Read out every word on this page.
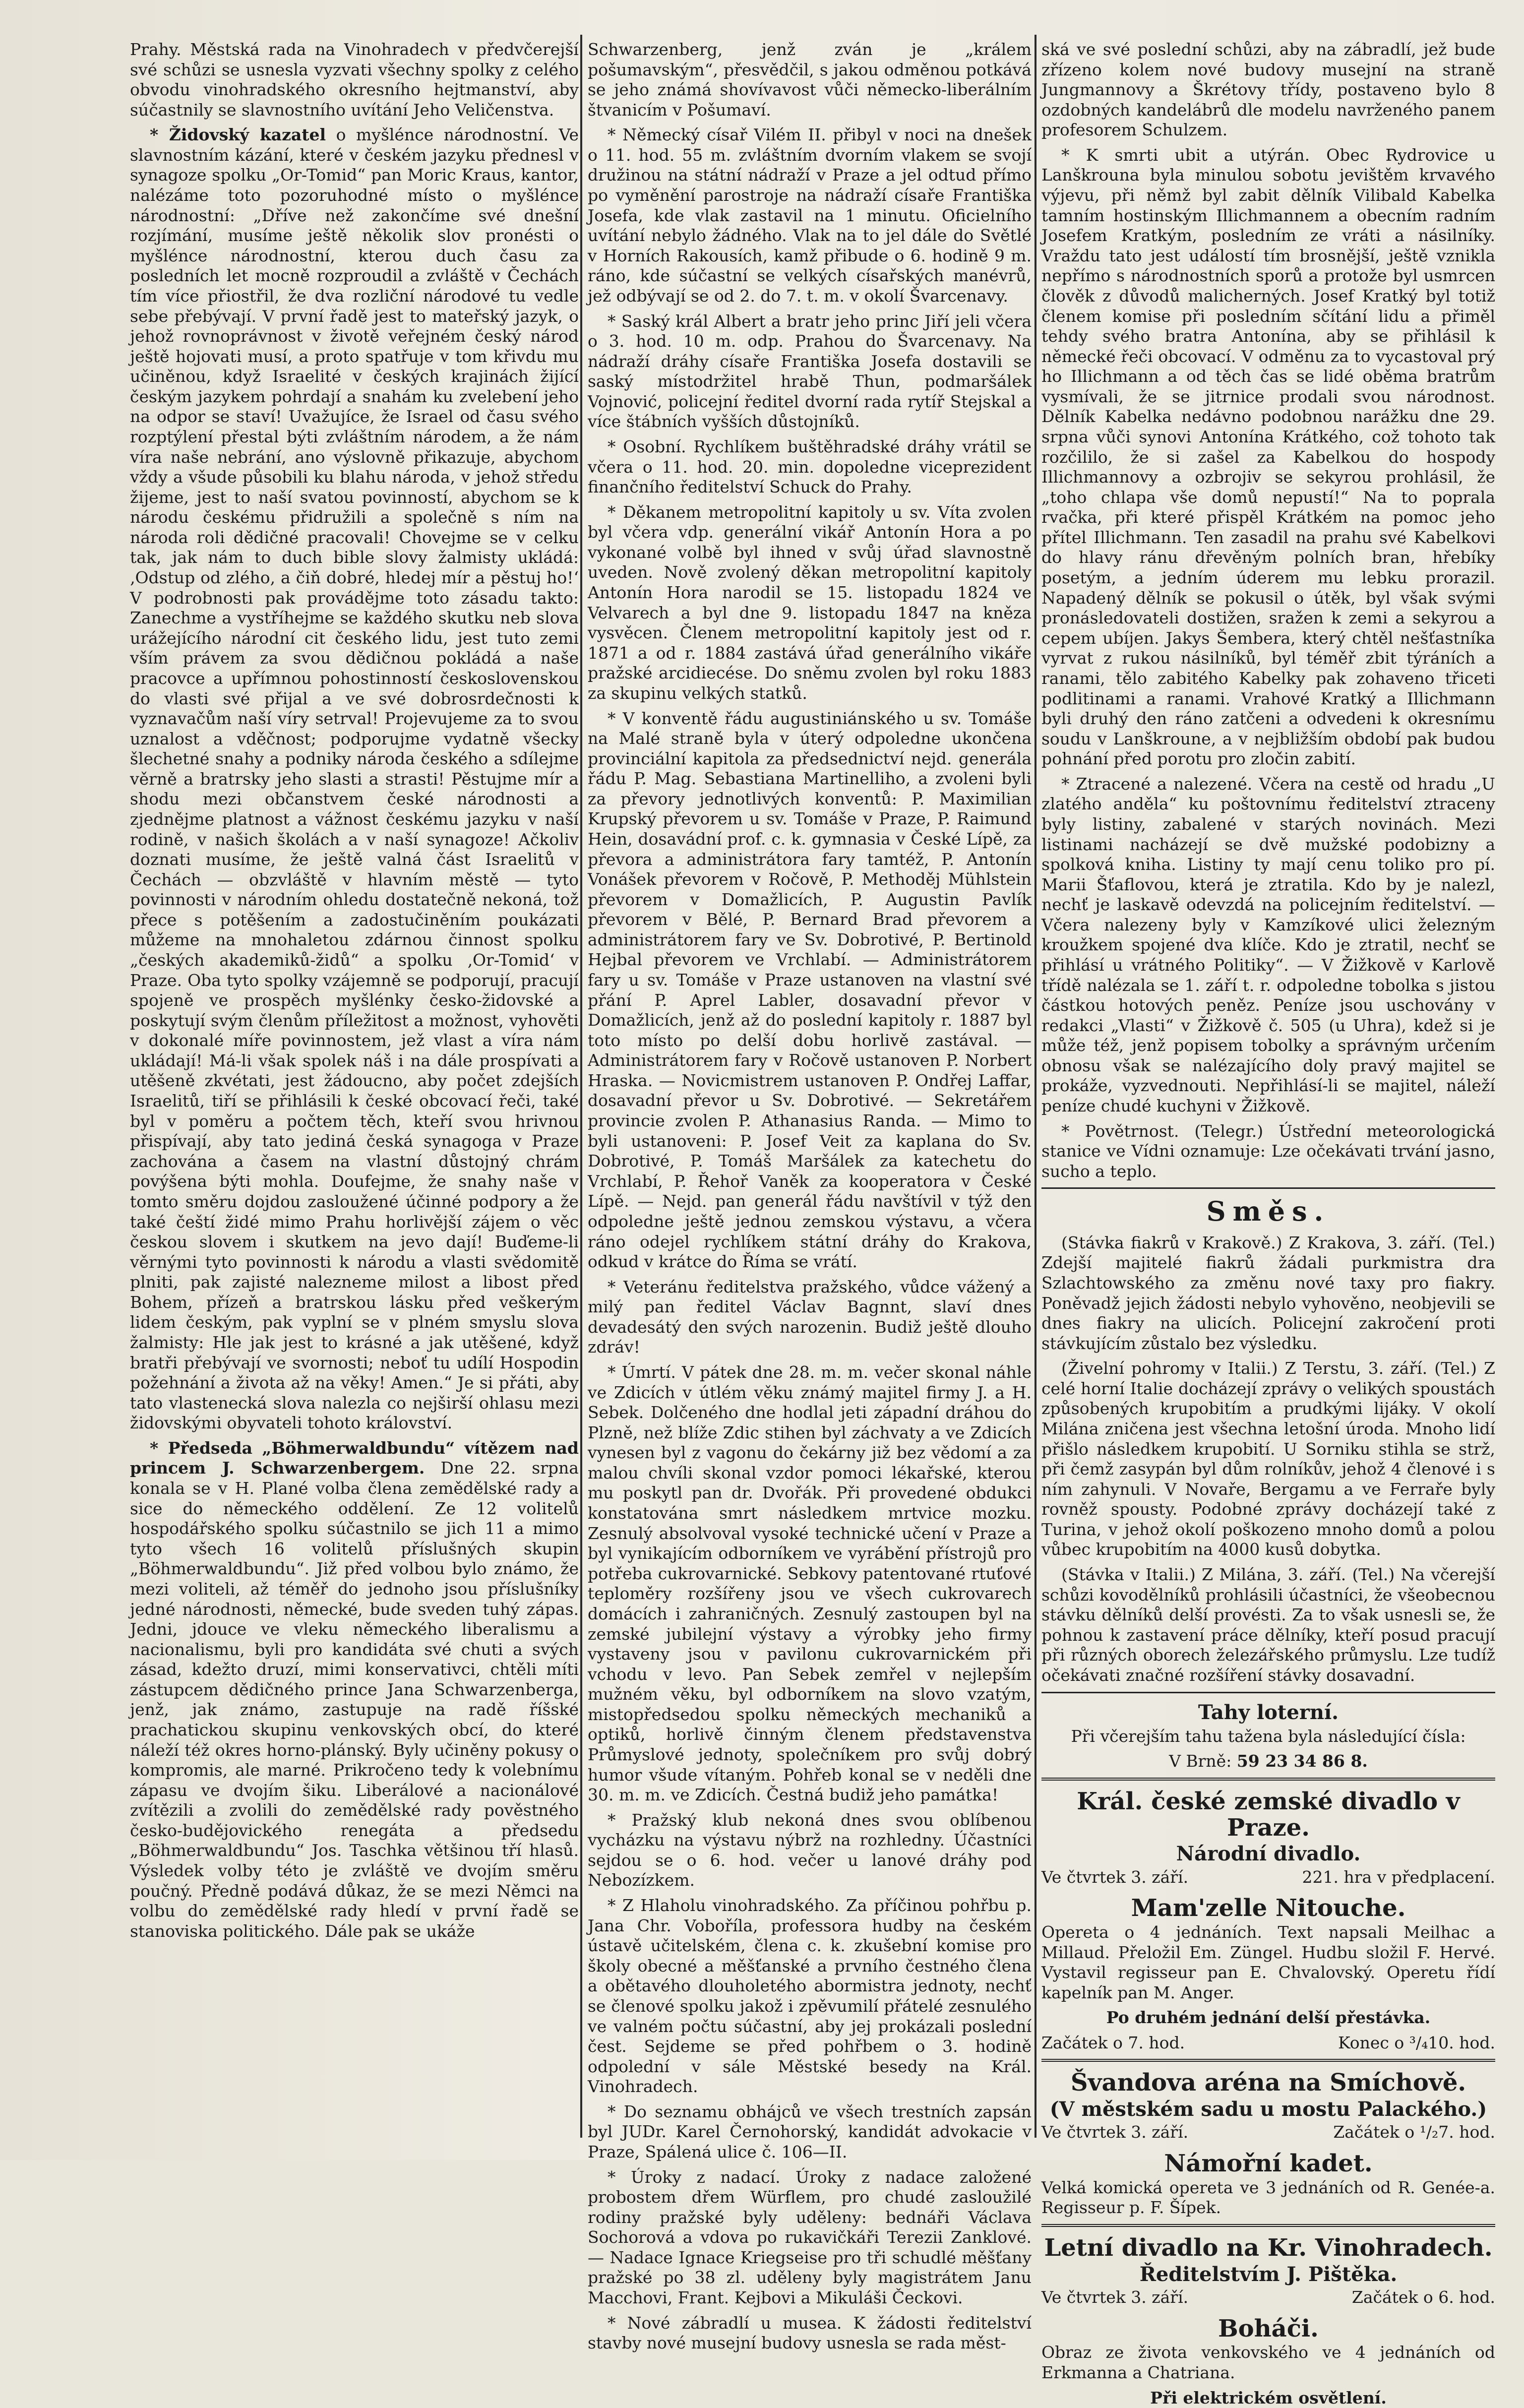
Prahy. Městská rada na Vinohradech v předvčerejší své schůzi se usnesla vyzvati všechny spolky z celého obvodu vinohradského okresního hejtmanství, aby súčastnily se slavnostního uvítání Jeho Veličenstva.

* Židovský kazatel o myšlénce národnostní. Ve slavnostním kázání, které v českém jazyku přednesl v synagoze spolku „Or-Tomid“ pan Moric Kraus, kantor, nalézáme toto pozoruhodné místo o myšlénce národnostní: „Dříve než zakončíme své dnešní rozjímání, musíme ještě několik slov pronésti o myšlénce národnostní, kterou duch času za posledních let mocně rozproudil a zvláště v Čechách tím více přiostřil, že dva rozliční národové tu vedle sebe přebývají. V první řadě jest to mateřský jazyk, o jehož rovnoprávnost v životě veřejném český národ ještě hojovati musí, a proto spatřuje v tom křivdu mu učiněnou, když Israelité v českých krajinách žijící českým jazykem pohrdají a snahám ku zvelebení jeho na odpor se staví! Uvažujíce, že Israel od času svého rozptýlení přestal býti zvláštním národem, a že nám víra naše nebrání, ano výslovně přikazuje, abychom vždy a všude působili ku blahu národa, v jehož středu žijeme, jest to naší svatou povinností, abychom se k národu českému přidružili a společně s ním na národa roli dědičné pracovali! Chovejme se v celku tak, jak nám to duch bible slovy žalmisty ukládá: ‚Odstup od zlého, a čiň dobré, hledej mír a pěstuj ho!‘ V podrobnosti pak provádějme toto zásadu takto: Zanechme a vystříhejme se každého skutku neb slova urážejícího národní cit českého lidu, jest tuto zemi vším právem za svou dědičnou pokládá a naše pracovce a upřímnou pohostinností československou do vlasti své přijal a ve své dobrosrdečnosti k vyznavačům naší víry setrval! Projevujeme za to svou uznalost a vděčnost; podporujme vydatně všecky šlechetné snahy a podniky národa českého a sdílejme věrně a bratrsky jeho slasti a strasti! Pěstujme mír a shodu mezi občanstvem české národnosti a zjednějme platnost a vážnost českému jazyku v naší rodině, v našich školách a v naší synagoze! Ačkoliv doznati musíme, že ještě valná část Israelitů v Čechách — obzvláště v hlavním městě — tyto povinnosti v národním ohledu dostatečně nekoná, tož přece s potěšením a zadostučiněním poukázati můžeme na mnohaletou zdárnou činnost spolku „českých akademiků-židů“ a spolku ‚Or-Tomid‘ v Praze. Oba tyto spolky vzájemně se podporují, pracují spojeně ve prospěch myšlénky česko-židovské a poskytují svým členům příležitost a možnost, vyhověti v dokonalé míře povinnostem, jež vlast a víra nám ukládají! Má-li však spolek náš i na dále prospívati a utěšeně zkvétati, jest žádoucno, aby počet zdejších Israelitů, tiří se přihlásili k české obcovací řeči, také byl v poměru a počtem těch, kteří svou hrivnou přispívají, aby tato jediná česká synagoga v Praze zachována a časem na vlastní důstojný chrám povýšena býti mohla. Doufejme, že snahy naše v tomto směru dojdou zasloužené účinné podpory a že také čeští židé mimo Prahu horlivější zájem o věc českou slovem i skutkem na jevo dají! Buďeme-li věrnými tyto povinnosti k národu a vlasti svědomitě plniti, pak zajisté nalezneme milost a libost před Bohem, přízeň a bratrskou lásku před veškerým lidem českým, pak vyplní se v plném smyslu slova žalmisty: Hle jak jest to krásné a jak utěšené, když bratři přebývají ve svornosti; neboť tu udílí Hospodin požehnání a života až na věky! Amen.“ Je si přáti, aby tato vlastenecká slova nalezla co nejširší ohlasu mezi židovskými obyvateli tohoto království.

* Předseda „Böhmerwaldbundu“ vítězem nad princem J. Schwarzenbergem. Dne 22. srpna konala se v H. Plané volba člena zemědělské rady a sice do německého oddělení. Ze 12 volitelů hospodářského spolku súčastnilo se jich 11 a mimo tyto všech 16 volitelů příslušných skupin „Böhmerwaldbundu“. Již před volbou bylo známo, že mezi voliteli, až téměř do jednoho jsou příslušníky jedné národnosti, německé, bude sveden tuhý zápas. Jedni, jdouce ve vleku německého liberalismu a nacionalismu, byli pro kandidáta své chuti a svých zásad, kdežto druzí, mimi konservativci, chtěli míti zástupcem dědičného prince Jana Schwarzenberga, jenž, jak známo, zastupuje na radě říšské prachatickou skupinu venkovských obcí, do které náleží též okres horno-plánský. Byly učiněny pokusy o kompromis, ale marné. Prikročeno tedy k volebnímu zápasu ve dvojím šiku. Liberálové a nacionálové zvítězili a zvolili do zemědělské rady pověstného česko-budějovického renegáta a předsedu „Böhmerwaldbundu“ Jos. Taschka většinou tří hlasů. Výsledek volby této je zvláště ve dvojím směru poučný. Předně podává důkaz, že se mezi Němci na volbu do zemědělské rady hledí v první řadě se stanoviska politického. Dále pak se ukáže

Schwarzenberg, jenž zván je „králem pošumavským“, přesvědčil, s jakou odměnou potkává se jeho známá shovívavost vůči německo-liberálním štvanicím v Pošumaví.

* Německý císař Vilém II. přibyl v noci na dnešek o 11. hod. 55 m. zvláštním dvorním vlakem se svojí družinou na státní nádraží v Praze a jel odtud přímo po vyměnění parostroje na nádraží císaře Františka Josefa, kde vlak zastavil na 1 minutu. Oficielního uvítání nebylo žádného. Vlak na to jel dále do Světlé v Horních Rakousích, kamž přibude o 6. hodině 9 m. ráno, kde súčastní se velkých císařských manévrů, jež odbývají se od 2. do 7. t. m. v okolí Švarcenavy.

* Saský král Albert a bratr jeho princ Jiří jeli včera o 3. hod. 10 m. odp. Prahou do Švarcenavy. Na nádraží dráhy císaře Františka Josefa dostavili se saský místodržitel hrabě Thun, podmaršálek Vojnović, policejní ředitel dvorní rada rytíř Stejskal a více štábních vyšších důstojníků.

* Osobní. Rychlíkem buštěhradské dráhy vrátil se včera o 11. hod. 20. min. dopoledne viceprezident finančního ředitelství Schuck do Prahy.

* Děkanem metropolitní kapitoly u sv. Víta zvolen byl včera vdp. generální vikář Antonín Hora a po vykonané volbě byl ihned v svůj úřad slavnostně uveden. Nově zvolený děkan metropolitní kapitoly Antonín Hora narodil se 15. listopadu 1824 ve Velvarech a byl dne 9. listopadu 1847 na kněza vysvěcen. Členem metropolitní kapitoly jest od r. 1871 a od r. 1884 zastává úřad generálního vikáře pražské arcidiecése. Do sněmu zvolen byl roku 1883 za skupinu velkých statků.

* V konventě řádu augustiniánského u sv. Tomáše na Malé straně byla v úterý odpoledne ukončena provinciální kapitola za předsednictví nejd. generála řádu P. Mag. Sebastiana Martinelliho, a zvoleni byli za převory jednotlivých konventů: P. Maximilian Krupský převorem u sv. Tomáše v Praze, P. Raimund Hein, dosavádní prof. c. k. gymnasia v České Lípě, za převora a administrátora fary tamtéž, P. Antonín Vonášek převorem v Ročově, P. Methoděj Mühlstein převorem v Domažlicích, P. Augustin Pavlík převorem v Bělé, P. Bernard Brad převorem a administrátorem fary ve Sv. Dobrotivé, P. Bertinold Hejbal převorem ve Vrchlabí. — Administrátorem fary u sv. Tomáše v Praze ustanoven na vlastní své přání P. Aprel Labler, dosavadní převor v Domažlicích, jenž až do poslední kapitoly r. 1887 byl toto místo po delší dobu horlivě zastával. — Administrátorem fary v Ročově ustanoven P. Norbert Hraska. — Novicmistrem ustanoven P. Ondřej Laffar, dosavadní převor u Sv. Dobrotivé. — Sekretářem provincie zvolen P. Athanasius Randa. — Mimo to byli ustanoveni: P. Josef Veit za kaplana do Sv. Dobrotivé, P. Tomáš Maršálek za katechetu do Vrchlabí, P. Řehoř Vaněk za kooperatora v České Lípě. — Nejd. pan generál řádu navštívil v týž den odpoledne ještě jednou zemskou výstavu, a včera ráno odejel rychlíkem státní dráhy do Krakova, odkud v krátce do Říma se vrátí.

* Veteránu ředitelstva pražského, vůdce vážený a milý pan ředitel Václav Bagnnt, slaví dnes devadesátý den svých narozenin. Budiž ještě dlouho zdráv!

* Úmrtí. V pátek dne 28. m. m. večer skonal náhle ve Zdicích v útlém věku známý majitel firmy J. a H. Sebek. Dolčeného dne hodlal jeti západní dráhou do Plzně, než blíže Zdic stihen byl záchvaty a ve Zdicích vynesen byl z vagonu do čekárny již bez vědomí a za malou chvíli skonal vzdor pomoci lékařské, kterou mu poskytl pan dr. Dvořák. Při provedené obdukci konstatována smrt následkem mrtvice mozku. Zesnulý absolvoval vysoké technické učení v Praze a byl vynikajícím odborníkem ve vyrábění přístrojů pro potřeba cukrovarnické. Sebkovy patentované rtuťové teploměry rozšířeny jsou ve všech cukrovarech domácích i zahraničných. Zesnulý zastoupen byl na zemské jubilejní výstavy a výrobky jeho firmy vystaveny jsou v pavilonu cukrovarnickém při vchodu v levo. Pan Sebek zemřel v nejlepším mužném věku, byl odborníkem na slovo vzatým, mistopředsedou spolku německých mechaniků a optiků, horlivě činným členem představenstva Průmyslové jednoty, společníkem pro svůj dobrý humor všude vítaným. Pohřeb konal se v neděli dne 30. m. m. ve Zdicích. Čestná budiž jeho památka!

* Pražský klub nekoná dnes svou oblíbenou vycházku na výstavu nýbrž na rozhledny. Účastníci sejdou se o 6. hod. večer u lanové dráhy pod Nebozízkem.

* Z Hlaholu vinohradského. Za příčinou pohřbu p. Jana Chr. Voboříla, professora hudby na českém ústavě učitelském, člena c. k. zkušební komise pro školy obecné a měšťanské a prvního čestného člena a obětavého dlouholetého abormistra jednoty, nechť se členové spolku jakož i zpěvumilí přátelé zesnulého ve valném počtu súčastní, aby jej prokázali poslední čest. Sejdeme se před pohřbem o 3. hodině odpolední v sále Městské besedy na Král. Vinohradech.

* Do seznamu obhájců ve všech trestních zapsán byl JUDr. Karel Černohorský, kandidát advokacie v Praze, Spálená ulice č. 106—II.

* Úroky z nadací. Úroky z nadace založené probostem dřem Würflem, pro chudé zasloužilé rodiny pražské byly uděleny: bednáři Václava Sochorová a vdova po rukavičkáři Terezii Zanklové. — Nadace Ignace Kriegseise pro tři schudlé měšťany pražské po 38 zl. uděleny byly magistrátem Janu Macchovi, Frant. Kejbovi a Mikuláši Čeckovi.

* Nové zábradlí u musea. K žádosti ředitelství stavby nové musejní budovy usnesla se rada měst-

ská ve své poslední schůzi, aby na zábradlí, jež bude zřízeno kolem nové budovy musejní na straně Jungmannovy a Škrétovy třídy, postaveno bylo 8 ozdobných kandelábrů dle modelu navrženého panem profesorem Schulzem.

* K smrti ubit a utýrán. Obec Rydrovice u Lanškrouna byla minulou sobotu jevištěm krvavého výjevu, při němž byl zabit dělník Vilibald Kabelka tamním hostinským Illichmannem a obecním radním Josefem Kratkým, posledním ze vráti a násilníky. Vraždu tato jest událostí tím brosnější, ještě vznikla nepřímo s národnostních sporů a protože byl usmrcen člověk z důvodů malicherných. Josef Kratký byl totiž členem komise při posledním sčítání lidu a přiměl tehdy svého bratra Antonína, aby se přihlásil k německé řeči obcovací. V odměnu za to vycastoval prý ho Illichmann a od těch čas se lidé oběma bratrům vysmívali, že se jitrnice prodali svou národnost. Dělník Kabelka nedávno podobnou narážku dne 29. srpna vůči synovi Antonína Krátkého, což tohoto tak rozčililo, že si zašel za Kabelkou do hospody Illichmannovy a ozbrojiv se sekyrou prohlásil, že „toho chlapa vše domů nepustí!“ Na to poprala rvačka, při které přispěl Krátkém na pomoc jeho přítel Illichmann. Ten zasadil na prahu své Kabelkovi do hlavy ránu dřevěným polních bran, hřebíky posetým, a jedním úderem mu lebku prorazil. Napadený dělník se pokusil o útěk, byl však svými pronásledovateli dostižen, sražen k zemi a sekyrou a cepem ubíjen. Jakys Šembera, který chtěl nešťastníka vyrvat z rukou násilníků, byl téměř zbit týráních a ranami, tělo zabitého Kabelky pak zohaveno třiceti podlitinami a ranami. Vrahové Kratký a Illichmann byli druhý den ráno zatčeni a odvedeni k okresnímu soudu v Lanškroune, a v nejbližším období pak budou pohnání před porotu pro zločin zabití.

* Ztracené a nalezené. Včera na cestě od hradu „U zlatého anděla“ ku poštovnímu ředitelství ztraceny byly listiny, zabalené v starých novinách. Mezi listinami nacházejí se dvě mužské podobizny a spolková kniha. Listiny ty mají cenu toliko pro pí. Marii Šťaflovou, která je ztratila. Kdo by je nalezl, nechť je laskavě odevzdá na policejním ředitelství. — Včera nalezeny byly v Kamzíkové ulici železným kroužkem spojené dva klíče. Kdo je ztratil, nechť se přihlásí u vrátného Politiky“. — V Žižkově v Karlově třídě nalézala se 1. září t. r. odpoledne tobolka s jistou částkou hotových peněz. Peníze jsou uschovány v redakci „Vlasti“ v Žižkově č. 505 (u Uhra), kdež si je může též, jenž popisem tobolky a správným určením obnosu však se nalézajícího doly pravý majitel se prokáže, vyzvednouti. Nepřihlásí-li se majitel, náleží peníze chudé kuchyni v Žižkově.

* Povětrnost. (Telegr.) Ústřední meteorologická stanice ve Vídni oznamuje: Lze očekávati trvání jasno, sucho a teplo.

Směs.

(Stávka fiakrů v Krakově.) Z Krakova, 3. září. (Tel.) Zdejší majitelé fiakrů žádali purkmistra dra Szlachtowského za změnu nové taxy pro fiakry. Poněvadž jejich žádosti nebylo vyhověno, neobjevili se dnes fiakry na ulicích. Policejní zakročení proti stávkujícím zůstalo bez výsledku.

(Živelní pohromy v Italii.) Z Terstu, 3. září. (Tel.) Z celé horní Italie docházejí zprávy o velikých spoustách způsobených krupobitím a prudkými lijáky. V okolí Milána zničena jest všechna letošní úroda. Mnoho lidí přišlo následkem krupobití. U Sorniku stihla se strž, při čemž zasypán byl dům rolníkův, jehož 4 členové i s ním zahynuli. V Novaře, Bergamu a ve Ferraře byly rovněž spousty. Podobné zprávy docházejí také z Turina, v jehož okolí poškozeno mnoho domů a polou vůbec krupobitím na 4000 kusů dobytka.

(Stávka v Italii.) Z Milána, 3. září. (Tel.) Na včerejší schůzi kovodělníků prohlásili účastníci, že všeobecnou stávku dělníků delší provésti. Za to však usnesli se, že pohnou k zastavení práce dělníky, kteří posud pracují při různých oborech železářského průmyslu. Lze tudíž očekávati značné rozšíření stávky dosavadní.

Tahy loterní.

Při včerejším tahu tažena byla následující čísla:

V Brně: 59 23 34 86 8.

Král. české zemské divadlo v Praze.
Národní divadlo.
Ve čtvrtek 3. září.	221. hra v předplacení.
Mam'zelle Nitouche.

Opereta o 4 jednáních. Text napsali Meilhac a Millaud. Přeložil Em. Züngel. Hudbu složil F. Hervé. Vystavil regisseur pan E. Chvalovský. Operetu řídí kapelník pan M. Anger.

Po druhém jednání delší přestávka.

Začátek o 7. hod.	Konec o ³/₄10. hod.
Švandova aréna na Smíchově.
(V městském sadu u mostu Palackého.)
Ve čtvrtek 3. září.	Začátek o ¹/₂7. hod.
Námořní kadet.

Velká komická opereta ve 3 jednáních od R. Genée-a. Regisseur p. F. Šípek.

Letní divadlo na Kr. Vinohradech.
Ředitelstvím J. Pištěka.
Ve čtvrtek 3. září.	Začátek o 6. hod.
Boháči.

Obraz ze života venkovského ve 4 jednáních od Erkmanna a Chatriana.

Při elektrickém osvětlení.
